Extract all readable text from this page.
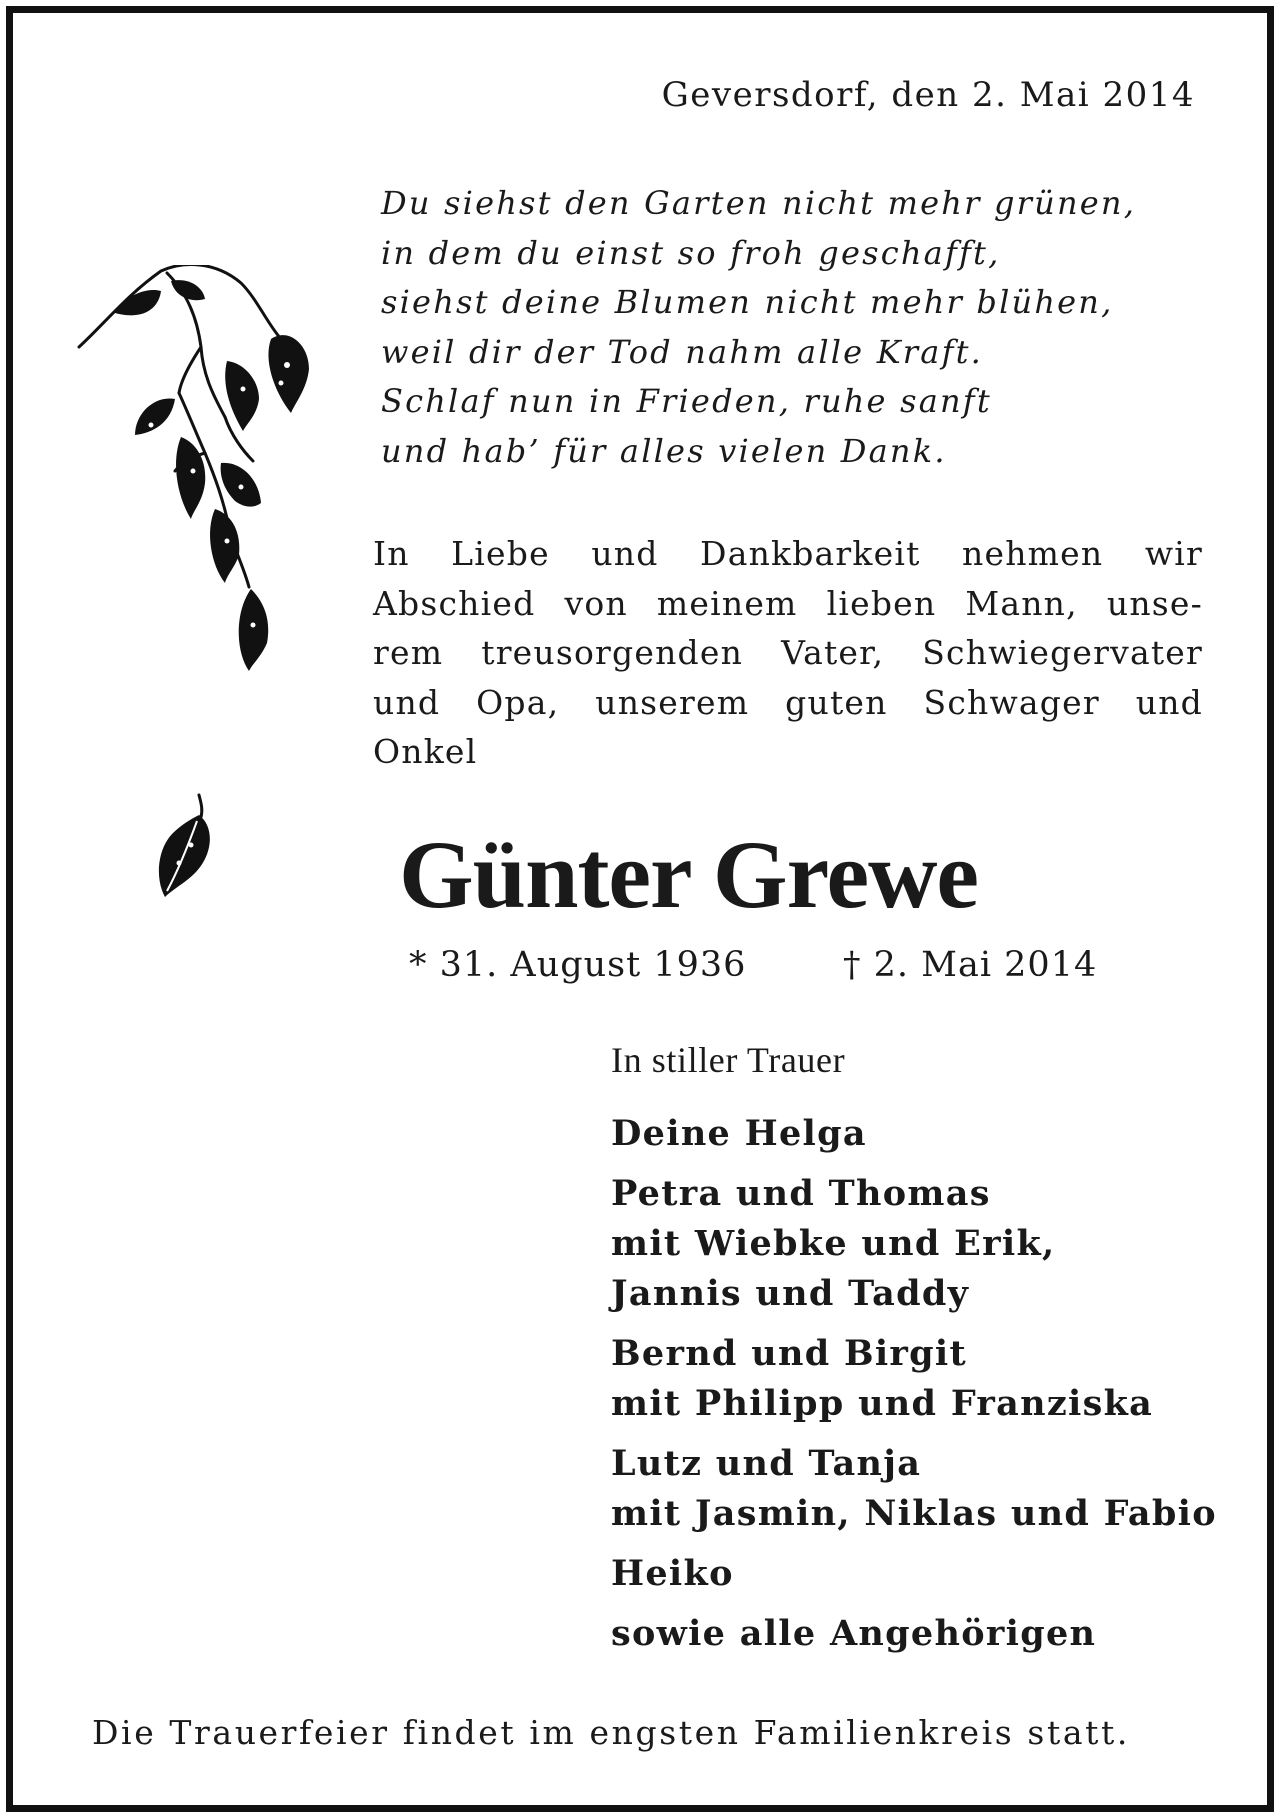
Geversdorf, den 2. Mai 2014
Du siehst den Garten nicht mehr grünen,
in dem du einst so froh geschafft,
siehst deine Blumen nicht mehr blühen,
weil dir der Tod nahm alle Kraft.
Schlaf nun in Frieden, ruhe sanft
und hab’ für alles vielen Dank.
In Liebe und Dankbarkeit nehmen wir
Abschied von meinem lieben Mann, unse-
rem treusorgenden Vater, Schwiegervater
und Opa, unserem guten Schwager und
Onkel
Günter Grewe
* 31. August 1936	† 2. Mai 2014
In stiller Trauer
Deine Helga
Petra und Thomas
mit Wiebke und Erik,
Jannis und Taddy
Bernd und Birgit
mit Philipp und Franziska
Lutz und Tanja
mit Jasmin, Niklas und Fabio
Heiko
sowie alle Angehörigen
Die Trauerfeier findet im engsten Familienkreis statt.
